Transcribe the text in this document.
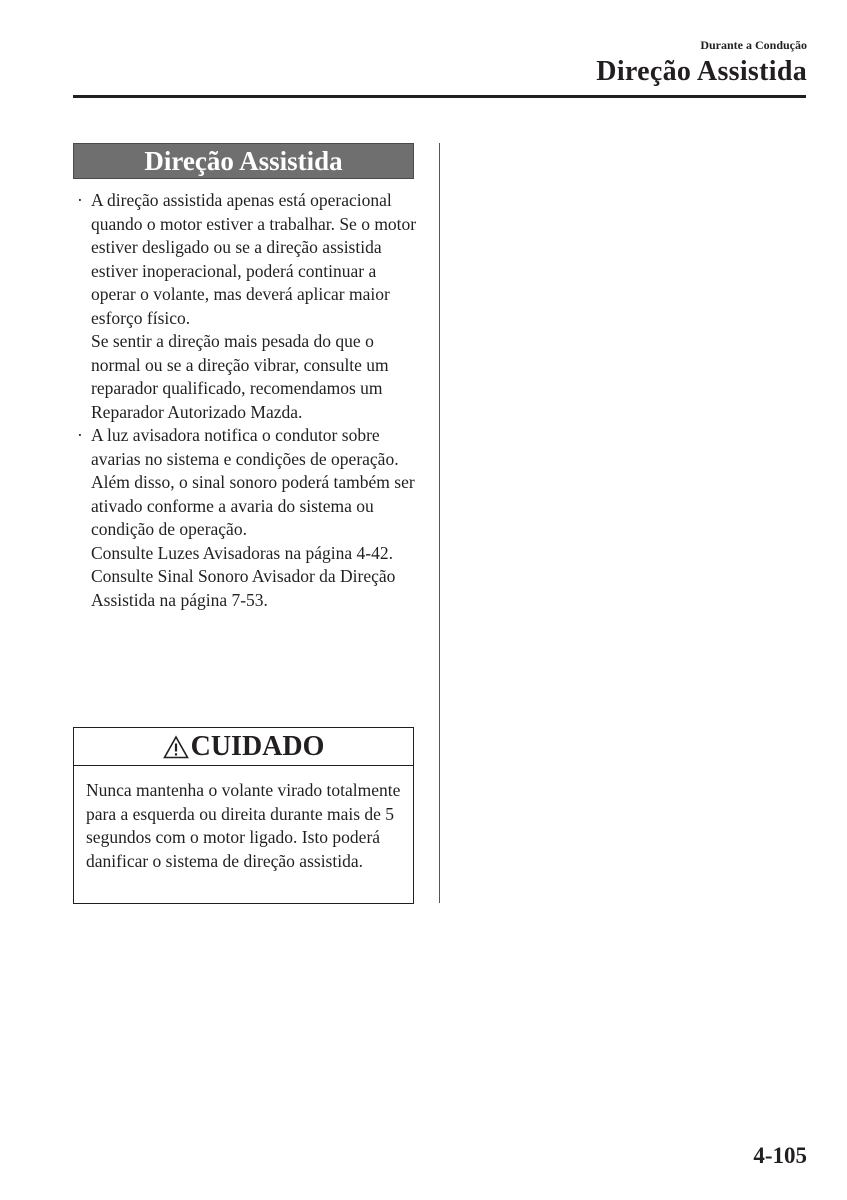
Durante a Condução
Direção Assistida
Direção Assistida
· A direção assistida apenas está operacional quando o motor estiver a trabalhar. Se o motor estiver desligado ou se a direção assistida estiver inoperacional, poderá continuar a operar o volante, mas deverá aplicar maior esforço físico.
Se sentir a direção mais pesada do que o normal ou se a direção vibrar, consulte um reparador qualificado, recomendamos um Reparador Autorizado Mazda.
· A luz avisadora notifica o condutor sobre avarias no sistema e condições de operação.
Além disso, o sinal sonoro poderá também ser ativado conforme a avaria do sistema ou condição de operação.
Consulte Luzes Avisadoras na página 4-42.
Consulte Sinal Sonoro Avisador da Direção Assistida na página 7-53.
CUIDADO
Nunca mantenha o volante virado totalmente para a esquerda ou direita durante mais de 5 segundos com o motor ligado. Isto poderá danificar o sistema de direção assistida.
4-105
